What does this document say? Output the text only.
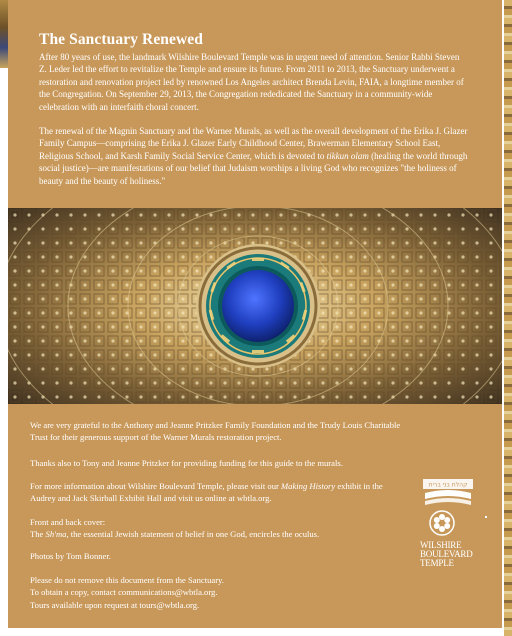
The Sanctuary Renewed

After 80 years of use, the landmark Wilshire Boulevard Temple was in urgent need of attention. Senior Rabbi Steven Z. Leder led the effort to revitalize the Temple and ensure its future. From 2011 to 2013, the Sanctuary underwent a restoration and renovation project led by renowned Los Angeles architect Brenda Levin, FAIA, a longtime member of the Congregation. On September 29, 2013, the Congregation rededicated the Sanctuary in a community-wide celebration with an interfaith choral concert.

The renewal of the Magnin Sanctuary and the Warner Murals, as well as the overall development of the Erika J. Glazer Family Campus—comprising the Erika J. Glazer Early Childhood Center, Brawerman Elementary School East, Religious School, and Karsh Family Social Service Center, which is devoted to tikkun olam (healing the world through social justice)—are manifestations of our belief that Judaism worships a living God who recognizes "the holiness of beauty and the beauty of holiness."

We are very grateful to the Anthony and Jeanne Pritzker Family Foundation and the Trudy Louis Charitable Trust for their generous support of the Warner Murals restoration project.

Thanks also to Tony and Jeanne Pritzker for providing funding for this guide to the murals.

For more information about Wilshire Boulevard Temple, please visit our Making History exhibit in the Audrey and Jack Skirball Exhibit Hall and visit us online at wbtla.org.

Front and back cover:
The Sh'ma, the essential Jewish statement of belief in one God, encircles the oculus.

Photos by Tom Bonner.

Please do not remove this document from the Sanctuary.
To obtain a copy, contact communications@wbtla.org.
Tours available upon request at tours@wbtla.org.

קהלת בני ברית

WILSHIRE
BOULEVARD
TEMPLE
